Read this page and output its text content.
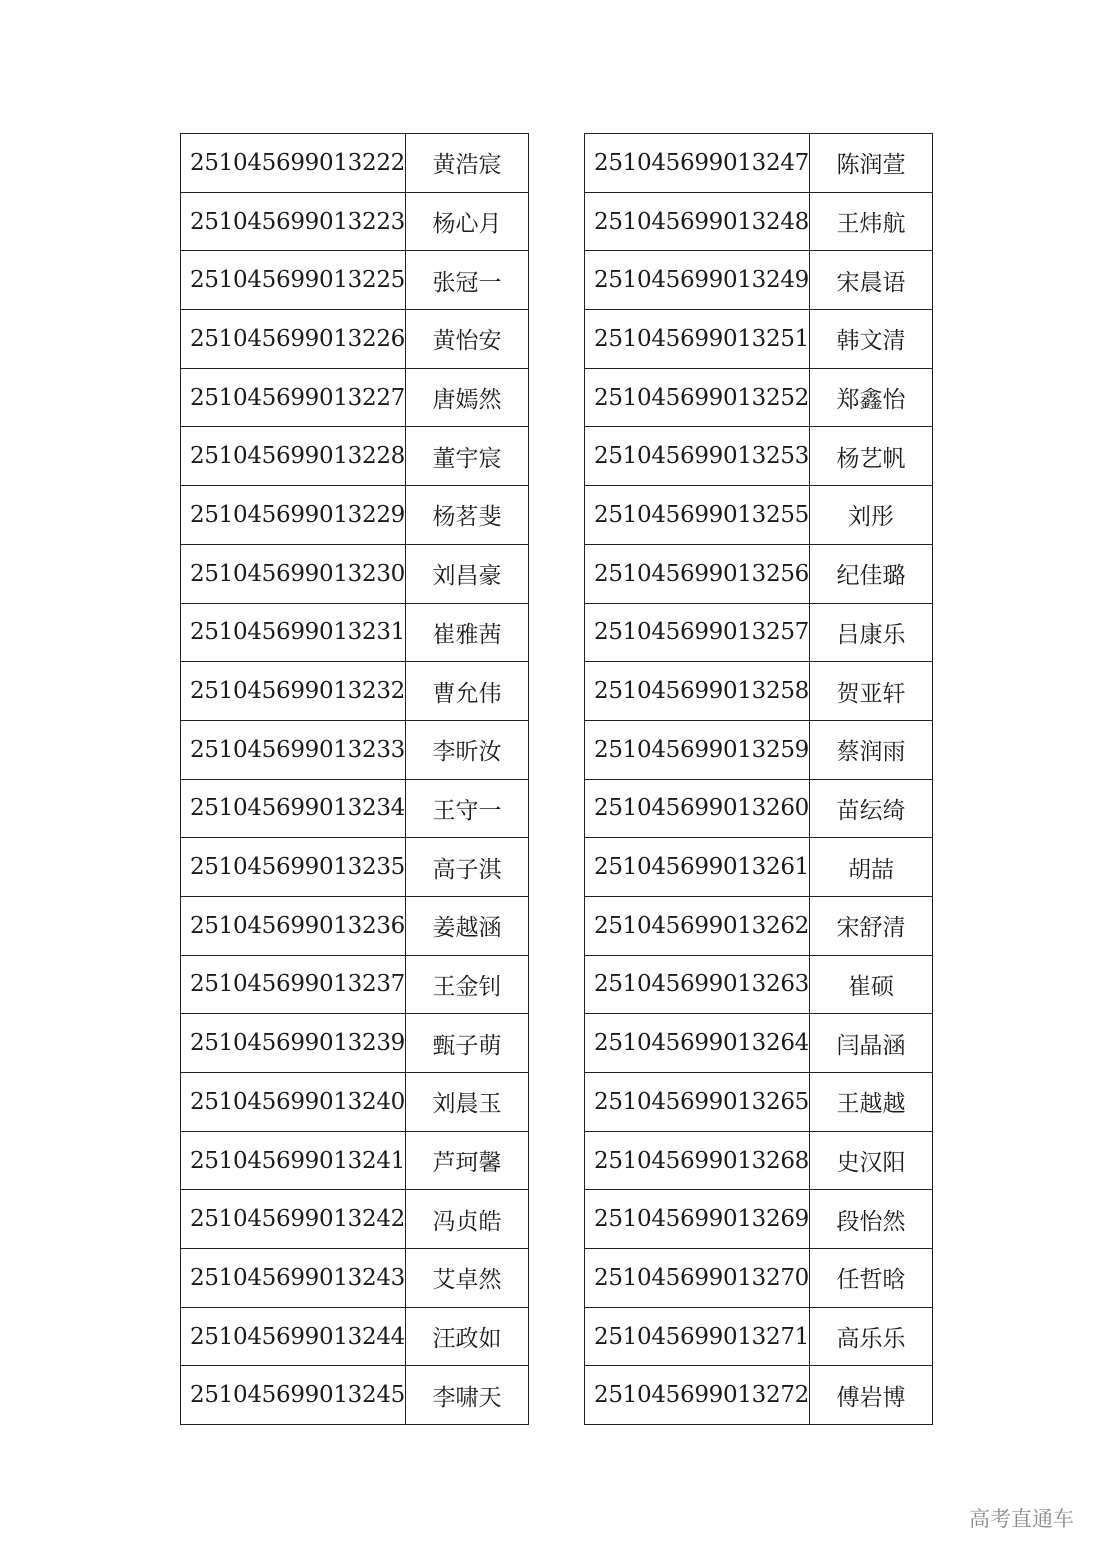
251045699013222	黄浩宸
251045699013223	杨心月
251045699013225	张冠一
251045699013226	黄怡安
251045699013227	唐嫣然
251045699013228	董宇宸
251045699013229	杨茗斐
251045699013230	刘昌豪
251045699013231	崔雅茜
251045699013232	曹允伟
251045699013233	李昕汝
251045699013234	王守一
251045699013235	高子淇
251045699013236	姜越涵
251045699013237	王金钊
251045699013239	甄子萌
251045699013240	刘晨玉
251045699013241	芦珂馨
251045699013242	冯贞皓
251045699013243	艾卓然
251045699013244	汪政如
251045699013245	李啸天
251045699013247	陈润萱
251045699013248	王炜航
251045699013249	宋晨语
251045699013251	韩文清
251045699013252	郑鑫怡
251045699013253	杨艺帆
251045699013255	刘彤
251045699013256	纪佳璐
251045699013257	吕康乐
251045699013258	贺亚轩
251045699013259	蔡润雨
251045699013260	苗纭绮
251045699013261	胡喆
251045699013262	宋舒清
251045699013263	崔硕
251045699013264	闫晶涵
251045699013265	王越越
251045699013268	史汉阳
251045699013269	段怡然
251045699013270	任哲晗
251045699013271	高乐乐
251045699013272	傅岩博
高考直通车
